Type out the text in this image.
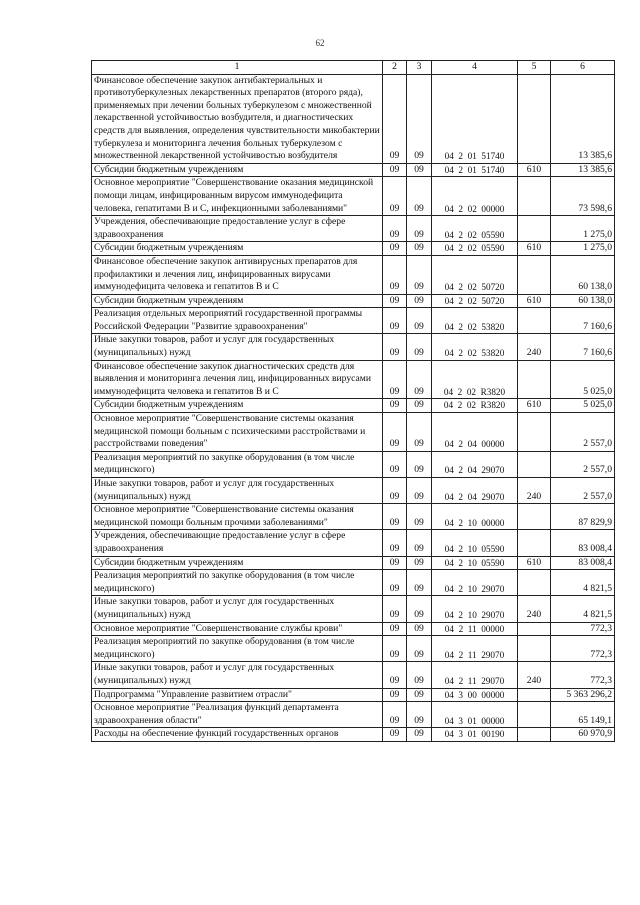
62
1	2	3	4	5	6
Финансовое обеспечение закупок антибактериальных и противотуберкулезных лекарственных препаратов (второго ряда), применяемых при лечении больных туберкулезом с множественной лекарственной устойчивостью возбудителя, и диагностических средств для выявления, определения чувствительности микобактерии туберкулеза и мониторинга лечения больных туберкулезом с множественной лекарственной устойчивостью возбудителя	09	09	04  2  01  51740		13 385,6
Субсидии бюджетным учреждениям	09	09	04  2  01  51740	610	13 385,6
Основное мероприятие "Совершенствование оказания медицинской помощи лицам, инфицированным вирусом иммунодефицита человека, гепатитами B и C, инфекционными заболеваниями"	09	09	04  2  02  00000		73 598,6
Учреждения, обеспечивающие предоставление услуг в сфере здравоохранения	09	09	04  2  02  05590		1 275,0
Субсидии бюджетным учреждениям	09	09	04  2  02  05590	610	1 275,0
Финансовое обеспечение закупок антивирусных препаратов для профилактики и лечения лиц, инфицированных вирусами иммунодефицита человека и гепатитов B и C	09	09	04  2  02  50720		60 138,0
Субсидии бюджетным учреждениям	09	09	04  2  02  50720	610	60 138,0
Реализация отдельных мероприятий государственной программы Российской Федерации "Развитие здравоохранения"	09	09	04  2  02  53820		7 160,6
Иные закупки товаров, работ и услуг для государственных (муниципальных) нужд	09	09	04  2  02  53820	240	7 160,6
Финансовое обеспечение закупок диагностических средств для выявления и мониторинга лечения лиц, инфицированных вирусами иммунодефицита человека и гепатитов B и C	09	09	04  2  02  R3820		5 025,0
Субсидии бюджетным учреждениям	09	09	04  2  02  R3820	610	5 025,0
Основное мероприятие "Совершенствование системы оказания медицинской помощи больным с психическими расстройствами и расстройствами поведения"	09	09	04  2  04  00000		2 557,0
Реализация мероприятий по закупке оборудования (в том числе медицинского)	09	09	04  2  04  29070		2 557,0
Иные закупки товаров, работ и услуг для государственных (муниципальных) нужд	09	09	04  2  04  29070	240	2 557,0
Основное мероприятие "Совершенствование системы оказания медицинской помощи больным прочими заболеваниями"	09	09	04  2  10  00000		87 829,9
Учреждения, обеспечивающие предоставление услуг в сфере здравоохранения	09	09	04  2  10  05590		83 008,4
Субсидии бюджетным учреждениям	09	09	04  2  10  05590	610	83 008,4
Реализация мероприятий по закупке оборудования (в том числе медицинского)	09	09	04  2  10  29070		4 821,5
Иные закупки товаров, работ и услуг для государственных (муниципальных) нужд	09	09	04  2  10  29070	240	4 821,5
Основное мероприятие "Совершенствование службы крови"	09	09	04  2  11  00000		772,3
Реализация мероприятий по закупке оборудования (в том числе медицинского)	09	09	04  2  11  29070		772,3
Иные закупки товаров, работ и услуг для государственных (муниципальных) нужд	09	09	04  2  11  29070	240	772,3
Подпрограмма "Управление развитием отрасли"	09	09	04  3  00  00000		5 363 296,2
Основное мероприятие "Реализация функций департамента здравоохранения области"	09	09	04  3  01  00000		65 149,1
Расходы на обеспечение функций государственных органов	09	09	04  3  01  00190		60 970,9
